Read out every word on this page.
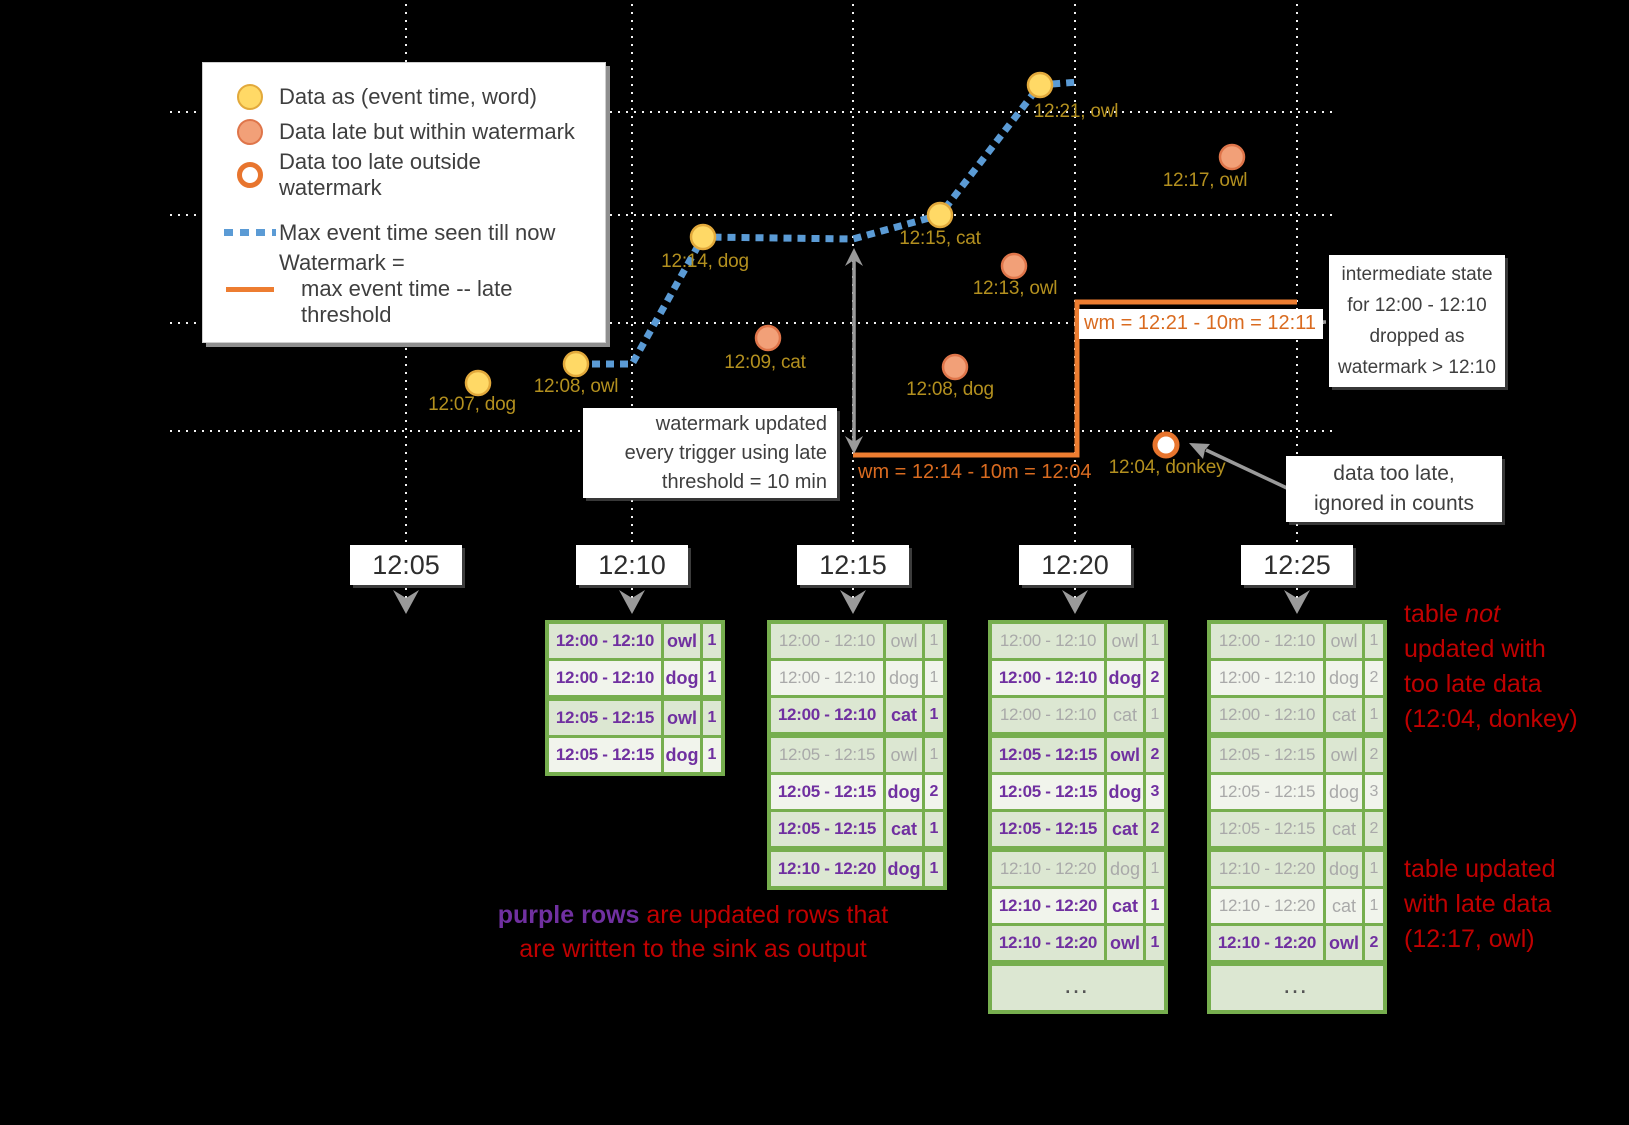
Data as (event time, word)
Data late but within watermark
Data too late outside watermark
Max event time seen till now
Watermark =
max event time -- late threshold
watermark updated
every trigger using late
threshold = 10 min
intermediate state
for 12:00 - 12:10
dropped as
watermark > 12:10
data too late,
ignored in counts
wm = 12:14 - 10m = 12:04
wm = 12:21 - 10m = 12:11
table not
updated with
too late data
(12:04, donkey)
table updated
with late data
(12:17, owl)
purple rows are updated rows that
are written to the sink as output
12:07, dog
12:08, owl
12:14, dog
12:15, cat
12:21, owl
12:09, cat
12:13, owl
12:08, dog
12:17, owl
12:04, donkey
12:05	12:10	12:15	12:20	12:25
12:00 - 12:10 owl 1
12:00 - 12:10 dog 1
12:05 - 12:15 owl 1
12:05 - 12:15 dog 1
12:00 - 12:10 owl 1
12:00 - 12:10 dog 1
12:00 - 12:10 cat 1
12:05 - 12:15 owl 1
12:05 - 12:15 dog 2
12:05 - 12:15 cat 1
12:10 - 12:20 dog 1
12:00 - 12:10 owl 1
12:00 - 12:10 dog 2
12:00 - 12:10 cat 1
12:05 - 12:15 owl 2
12:05 - 12:15 dog 3
12:05 - 12:15 cat 2
12:10 - 12:20 dog 1
12:10 - 12:20 cat 1
12:10 - 12:20 owl 1
…
12:00 - 12:10 owl 1
12:00 - 12:10 dog 2
12:00 - 12:10 cat 1
12:05 - 12:15 owl 2
12:05 - 12:15 dog 3
12:05 - 12:15 cat 2
12:10 - 12:20 dog 1
12:10 - 12:20 cat 1
12:10 - 12:20 owl 2
…
